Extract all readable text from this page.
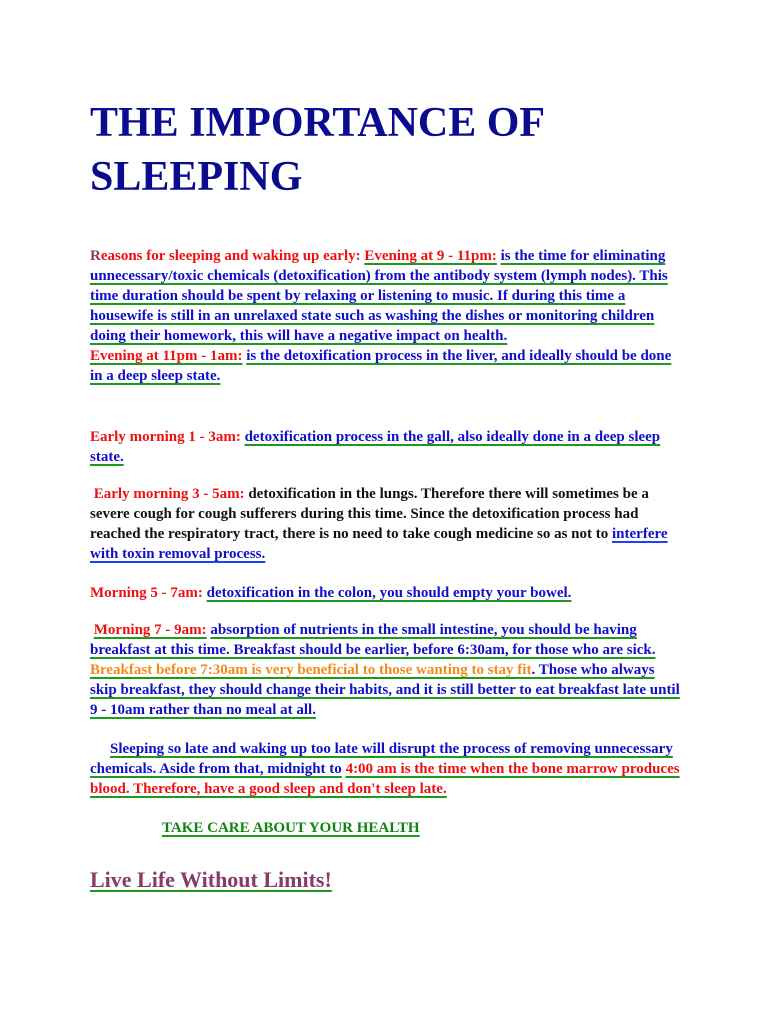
THE IMPORTANCE OF SLEEPING

Reasons for sleeping and waking up early: Evening at 9 - 11pm: is the time for eliminating unnecessary/toxic chemicals (detoxification) from the antibody system (lymph nodes). This time duration should be spent by relaxing or listening to music. If during this time a housewife is still in an unrelaxed state such as washing the dishes or monitoring children doing their homework, this will have a negative impact on health.
Evening at 11pm - 1am: is the detoxification process in the liver, and ideally should be done in a deep sleep state.

Early morning 1 - 3am: detoxification process in the gall, also ideally done in a deep sleep state.

Early morning 3 - 5am: detoxification in the lungs. Therefore there will sometimes be a severe cough for cough sufferers during this time. Since the detoxification process had reached the respiratory tract, there is no need to take cough medicine so as not to interfere with toxin removal process.

Morning 5 - 7am: detoxification in the colon, you should empty your bowel.

Morning 7 - 9am: absorption of nutrients in the small intestine, you should be having breakfast at this time. Breakfast should be earlier, before 6:30am, for those who are sick. Breakfast before 7:30am is very beneficial to those wanting to stay fit. Those who always skip breakfast, they should change their habits, and it is still better to eat breakfast late until 9 - 10am rather than no meal at all.

Sleeping so late and waking up too late will disrupt the process of removing unnecessary chemicals. Aside from that, midnight to 4:00 am is the time when the bone marrow produces blood. Therefore, have a good sleep and don't sleep late.

TAKE CARE ABOUT YOUR HEALTH
Live Life Without Limits!
